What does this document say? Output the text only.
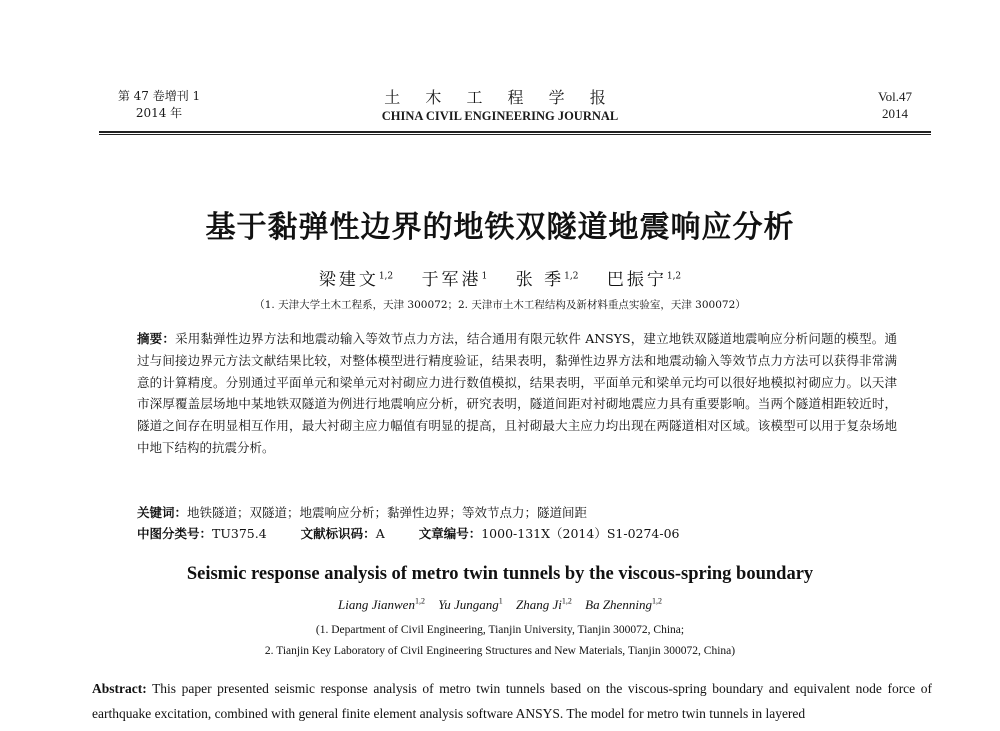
第 47 卷增刊 1
2014 年
土 木 工 程 学 报
CHINA CIVIL ENGINEERING JOURNAL
Vol.47
2014
基于黏弹性边界的地铁双隧道地震响应分析
梁建文$^{1,2}$ 于军港$^1$ 张 季$^{1,2}$ 巴振宁$^{1,2}$
（1. 天津大学土木工程系，天津 300072；2. 天津市土木工程结构及新材料重点实验室，天津 300072）

摘要：采用黏弹性边界方法和地震动输入等效节点力方法，结合通用有限元软件 ANSYS，建立地铁双隧道地震响应分析问题的模型。通过与间接边界元方法文献结果比较，对整体模型进行精度验证，结果表明，黏弹性边界方法和地震动输入等效节点力方法可以获得非常满意的计算精度。分别通过平面单元和梁单元对衬砌应力进行数值模拟，结果表明，平面单元和梁单元均可以很好地模拟衬砌应力。以天津市深厚覆盖层场地中某地铁双隧道为例进行地震响应分析，研究表明，隧道间距对衬砌地震应力具有重要影响。当两个隧道相距较近时，隧道之间存在明显相互作用，最大衬砌主应力幅值有明显的提高，且衬砌最大主应力均出现在两隧道相对区域。该模型可以用于复杂场地中地下结构的抗震分析。

关键词：地铁隧道；双隧道；地震响应分析；黏弹性边界；等效节点力；隧道间距
中图分类号：TU375.4	文献标识码：A	文章编号：1000-131X（2014）S1-0274-06
Seismic response analysis of metro twin tunnels by the viscous-spring boundary
Liang Jianwen$^{1,2}$ Yu Jungang$^1$ Zhang Ji$^{1,2}$ Ba Zhenning$^{1,2}$
(1. Department of Civil Engineering, Tianjin University, Tianjin 300072, China;
2. Tianjin Key Laboratory of Civil Engineering Structures and New Materials, Tianjin 300072, China)

Abstract: This paper presented seismic response analysis of metro twin tunnels based on the viscous-spring boundary and equivalent node force of earthquake excitation, combined with general finite element analysis software ANSYS. The model for metro twin tunnels in layered
